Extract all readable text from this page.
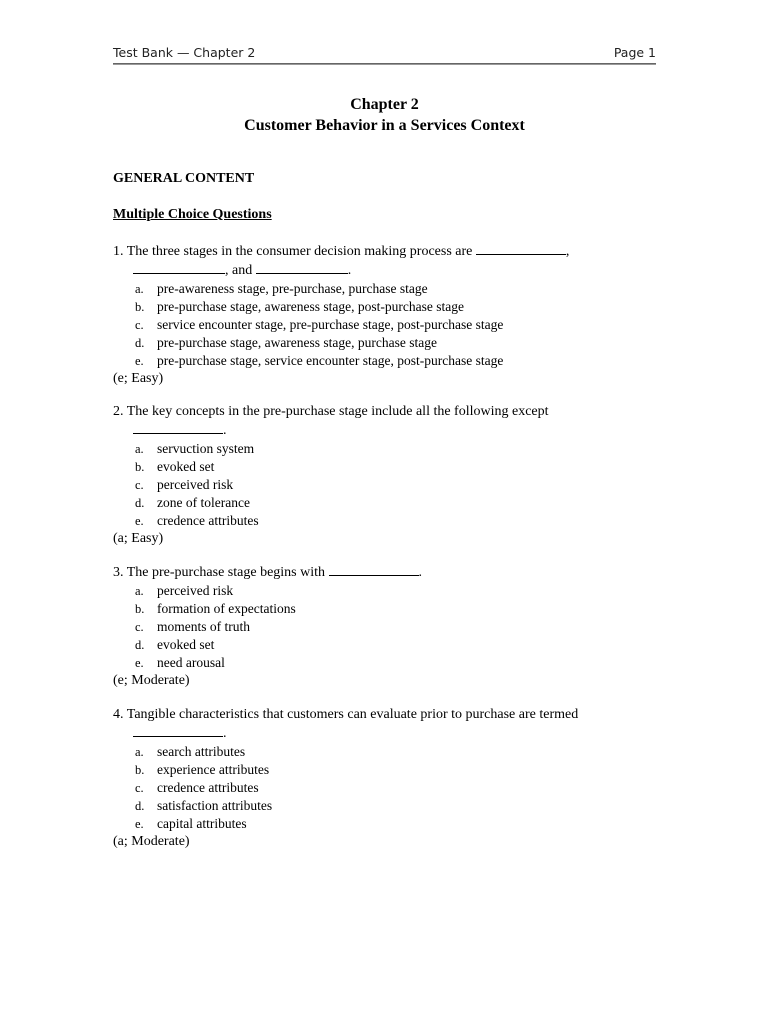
Test Bank — Chapter 2	Page 1
Chapter 2
Customer Behavior in a Services Context
GENERAL CONTENT
Multiple Choice Questions

1. The three stages in the consumer decision making process are	,

, and	.

a. pre-awareness stage, pre-purchase, purchase stage
b. pre-purchase stage, awareness stage, post-purchase stage
c. service encounter stage, pre-purchase stage, post-purchase stage
d. pre-purchase stage, awareness stage, purchase stage
e. pre-purchase stage, service encounter stage, post-purchase stage

(e; Easy)

2. The key concepts in the pre-purchase stage include all the following except

.

a. servuction system
b. evoked set
c. perceived risk
d. zone of tolerance
e. credence attributes

(a; Easy)

3. The pre-purchase stage begins with	.

a. perceived risk
b. formation of expectations
c. moments of truth
d. evoked set
e. need arousal

(e; Moderate)

4. Tangible characteristics that customers can evaluate prior to purchase are termed

.

a. search attributes
b. experience attributes
c. credence attributes
d. satisfaction attributes
e. capital attributes

(a; Moderate)
